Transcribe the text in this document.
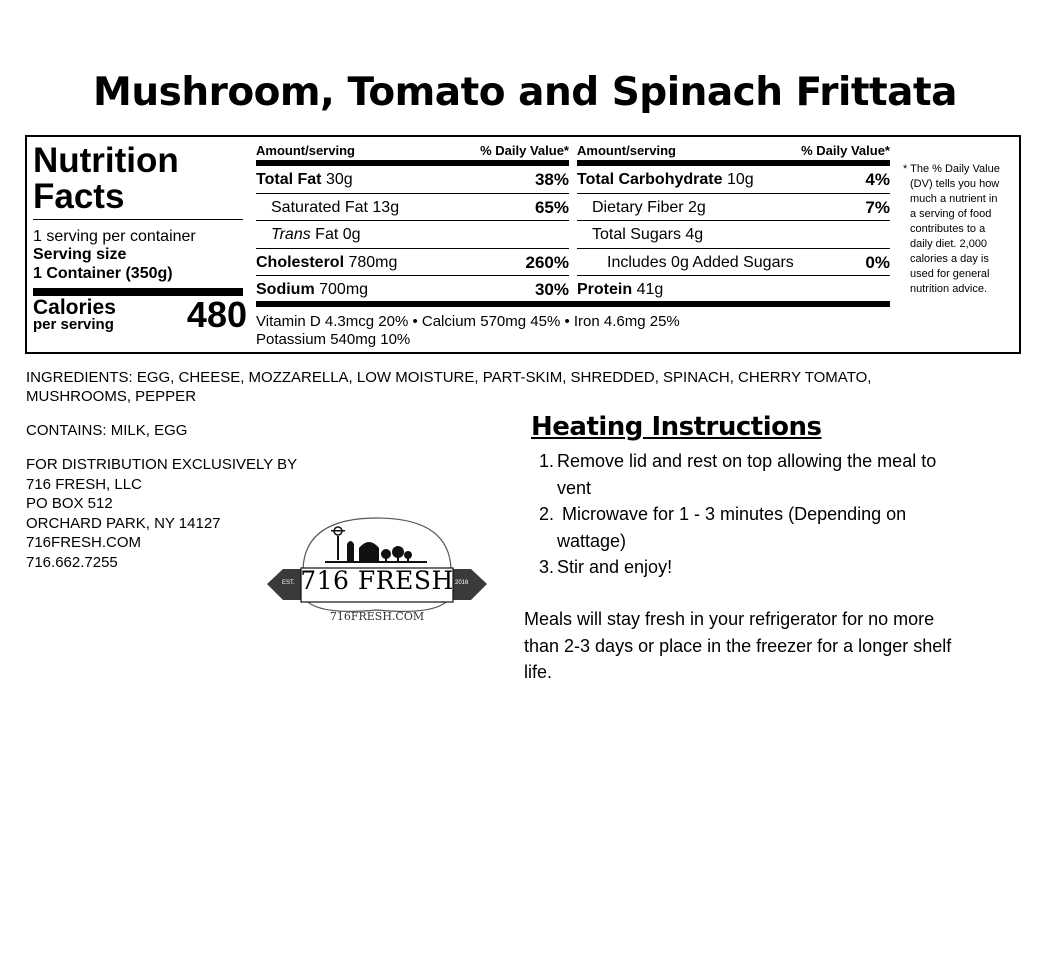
Mushroom, Tomato and Spinach Frittata
Nutrition
Facts
1 serving per container
Serving size
1 Container (350g)
Calories
per serving 480
Amount/serving	% Daily Value*
Total Fat 30g	38%
Saturated Fat 13g	65%
Trans Fat 0g
Cholesterol 780mg	260%
Sodium 700mg	30%
Amount/serving	% Daily Value*
Total Carbohydrate 10g	4%
Dietary Fiber 2g	7%
Total Sugars 4g
Includes 0g Added Sugars	0%
Protein 41g
Vitamin D 4.3mcg 20% • Calcium 570mg 45% • Iron 4.6mg 25%
Potassium 540mg 10%
* The % Daily Value
(DV) tells you how
much a nutrient in
a serving of food
contributes to a
daily diet. 2,000
calories a day is
used for general
nutrition advice.
INGREDIENTS: EGG, CHEESE, MOZZARELLA, LOW MOISTURE, PART-SKIM, SHREDDED, SPINACH, CHERRY TOMATO,
MUSHROOMS, PEPPER
CONTAINS: MILK, EGG
FOR DISTRIBUTION EXCLUSIVELY BY
716 FRESH, LLC
PO BOX 512
ORCHARD PARK, NY 14127
716FRESH.COM
716.662.7255
EST.	2016
716 FRESH
716FRESH.COM
Heating Instructions
1. Remove lid and rest on top allowing the meal to
vent
2. Microwave for 1 - 3 minutes (Depending on
wattage)
3. Stir and enjoy!
Meals will stay fresh in your refrigerator for no more
than 2-3 days or place in the freezer for a longer shelf
life.
